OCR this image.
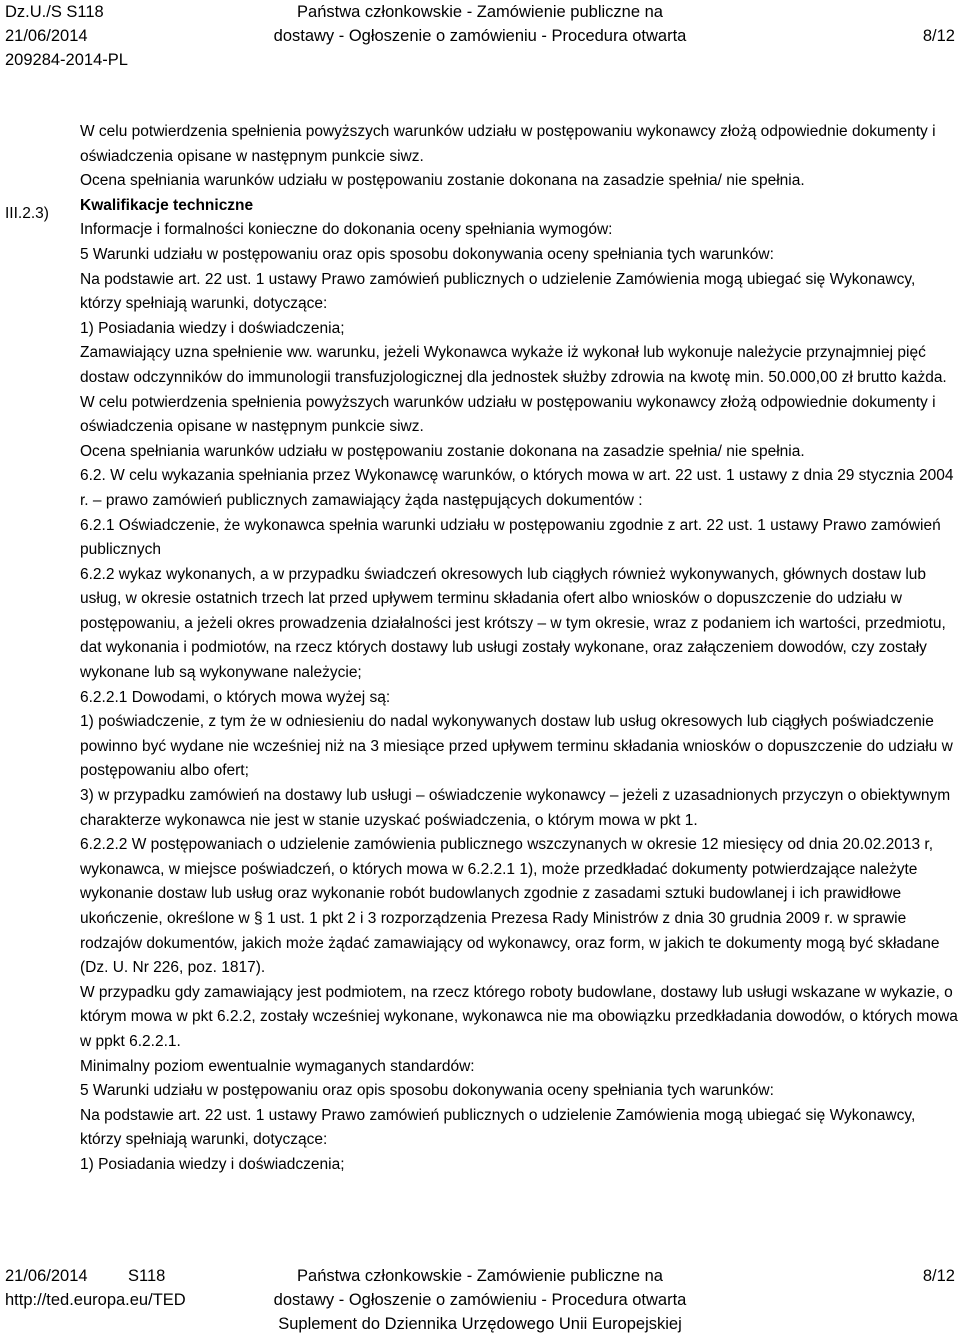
Dz.U./S S118
21/06/2014
209284-2014-PL
Państwa członkowskie - Zamówienie publiczne na
dostawy - Ogłoszenie o zamówieniu - Procedura otwarta	8/12
III.2.3)

W celu potwierdzenia spełnienia powyższych warunków udziału w postępowaniu wykonawcy złożą odpowiednie dokumenty i oświadczenia opisane w następnym punkcie siwz.

Ocena spełniania warunków udziału w postępowaniu zostanie dokonana na zasadzie spełnia/ nie spełnia.

Kwalifikacje techniczne

Informacje i formalności konieczne do dokonania oceny spełniania wymogów:

5 Warunki udziału w postępowaniu oraz opis sposobu dokonywania oceny spełniania tych warunków:

Na podstawie art. 22 ust. 1 ustawy Prawo zamówień publicznych o udzielenie Zamówienia mogą ubiegać się Wykonawcy, którzy spełniają warunki, dotyczące:

1) Posiadania wiedzy i doświadczenia;

Zamawiający uzna spełnienie ww. warunku, jeżeli Wykonawca wykaże iż wykonał lub wykonuje należycie przynajmniej pięć dostaw odczynników do immunologii transfuzjologicznej dla jednostek służby zdrowia na kwotę min. 50.000,00 zł brutto każda.

W celu potwierdzenia spełnienia powyższych warunków udziału w postępowaniu wykonawcy złożą odpowiednie dokumenty i oświadczenia opisane w następnym punkcie siwz.

Ocena spełniania warunków udziału w postępowaniu zostanie dokonana na zasadzie spełnia/ nie spełnia.

6.2. W celu wykazania spełniania przez Wykonawcę warunków, o których mowa w art. 22 ust. 1 ustawy z dnia 29 stycznia 2004 r. – prawo zamówień publicznych zamawiający żąda następujących dokumentów :

6.2.1 Oświadczenie, że wykonawca spełnia warunki udziału w postępowaniu zgodnie z art. 22 ust. 1 ustawy Prawo zamówień publicznych

6.2.2 wykaz wykonanych, a w przypadku świadczeń okresowych lub ciągłych również wykonywanych, głównych dostaw lub usług, w okresie ostatnich trzech lat przed upływem terminu składania ofert albo wniosków o dopuszczenie do udziału w postępowaniu, a jeżeli okres prowadzenia działalności jest krótszy – w tym okresie, wraz z podaniem ich wartości, przedmiotu, dat wykonania i podmiotów, na rzecz których dostawy lub usługi zostały wykonane, oraz załączeniem dowodów, czy zostały wykonane lub są wykonywane należycie;

6.2.2.1 Dowodami, o których mowa wyżej są:

1) poświadczenie, z tym że w odniesieniu do nadal wykonywanych dostaw lub usług okresowych lub ciągłych poświadczenie powinno być wydane nie wcześniej niż na 3 miesiące przed upływem terminu składania wniosków o dopuszczenie do udziału w postępowaniu albo ofert;

3) w przypadku zamówień na dostawy lub usługi – oświadczenie wykonawcy – jeżeli z uzasadnionych przyczyn o obiektywnym charakterze wykonawca nie jest w stanie uzyskać poświadczenia, o którym mowa w pkt 1.

6.2.2.2 W postępowaniach o udzielenie zamówienia publicznego wszczynanych w okresie 12 miesięcy od dnia 20.02.2013 r, wykonawca, w miejsce poświadczeń, o których mowa w 6.2.2.1 1), może przedkładać dokumenty potwierdzające należyte wykonanie dostaw lub usług oraz wykonanie robót budowlanych zgodnie z zasadami sztuki budowlanej i ich prawidłowe ukończenie, określone w § 1 ust. 1 pkt 2 i 3 rozporządzenia Prezesa Rady Ministrów z dnia 30 grudnia 2009 r. w sprawie rodzajów dokumentów, jakich może żądać zamawiający od wykonawcy, oraz form, w jakich te dokumenty mogą być składane (Dz. U. Nr 226, poz. 1817).

W przypadku gdy zamawiający jest podmiotem, na rzecz którego roboty budowlane, dostawy lub usługi wskazane w wykazie, o którym mowa w pkt 6.2.2, zostały wcześniej wykonane, wykonawca nie ma obowiązku przedkładania dowodów, o których mowa w ppkt 6.2.2.1.

Minimalny poziom ewentualnie wymaganych standardów:

5 Warunki udziału w postępowaniu oraz opis sposobu dokonywania oceny spełniania tych warunków:

Na podstawie art. 22 ust. 1 ustawy Prawo zamówień publicznych o udzielenie Zamówienia mogą ubiegać się Wykonawcy, którzy spełniają warunki, dotyczące:

1) Posiadania wiedzy i doświadczenia;

21/06/2014 S118
http://ted.europa.eu/TED
Państwa członkowskie - Zamówienie publiczne na
dostawy - Ogłoszenie o zamówieniu - Procedura otwarta
Suplement do Dziennika Urzędowego Unii Europejskiej
8/12
